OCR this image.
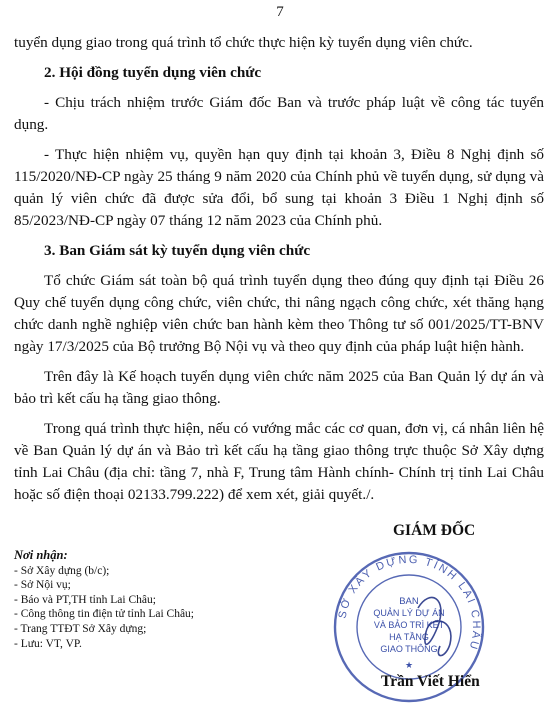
7

tuyển dụng giao trong quá trình tổ chức thực hiện kỳ tuyển dụng viên chức.

2. Hội đồng tuyển dụng viên chức

- Chịu trách nhiệm trước Giám đốc Ban và trước pháp luật về công tác tuyển dụng.

- Thực hiện nhiệm vụ, quyền hạn quy định tại khoản 3, Điều 8 Nghị định số 115/2020/NĐ-CP ngày 25 tháng 9 năm 2020 của Chính phủ về tuyển dụng, sử dụng và quản lý viên chức đã được sửa đổi, bổ sung tại khoản 3 Điều 1 Nghị định số 85/2023/NĐ-CP ngày 07 tháng 12 năm 2023 của Chính phủ.

3. Ban Giám sát kỳ tuyển dụng viên chức

Tổ chức Giám sát toàn bộ quá trình tuyển dụng theo đúng quy định tại Điều 26 Quy chế tuyển dụng công chức, viên chức, thi nâng ngạch công chức, xét thăng hạng chức danh nghề nghiệp viên chức ban hành kèm theo Thông tư số 001/2025/TT-BNV ngày 17/3/2025 của Bộ trưởng Bộ Nội vụ và theo quy định của pháp luật hiện hành.

Trên đây là Kế hoạch tuyển dụng viên chức năm 2025 của Ban Quản lý dự án và bảo trì kết cấu hạ tầng giao thông.

Trong quá trình thực hiện, nếu có vướng mắc các cơ quan, đơn vị, cá nhân liên hệ về Ban Quản lý dự án và Bảo trì kết cấu hạ tầng giao thông trực thuộc Sở Xây dựng tỉnh Lai Châu (địa chỉ: tầng 7, nhà F, Trung tâm Hành chính- Chính trị tỉnh Lai Châu hoặc số điện thoại 02133.799.222) để xem xét, giải quyết./.

Nơi nhận:
- Sở Xây dựng (b/c);
- Sở Nội vụ;
- Báo và PT,TH tỉnh Lai Châu;
- Công thông tin điện tử tỉnh Lai Châu;
- Trang TTĐT Sở Xây dựng;
- Lưu: VT, VP.
GIÁM ĐỐC
SỞ XÂY DỰNG TỈNH LAI CHÂU
BAN
QUẢN LÝ DỰ ÁN
VÀ BẢO TRÌ KẾT
HẠ TẦNG
GIAO THÔNG
★
Trần Viết Hiển
